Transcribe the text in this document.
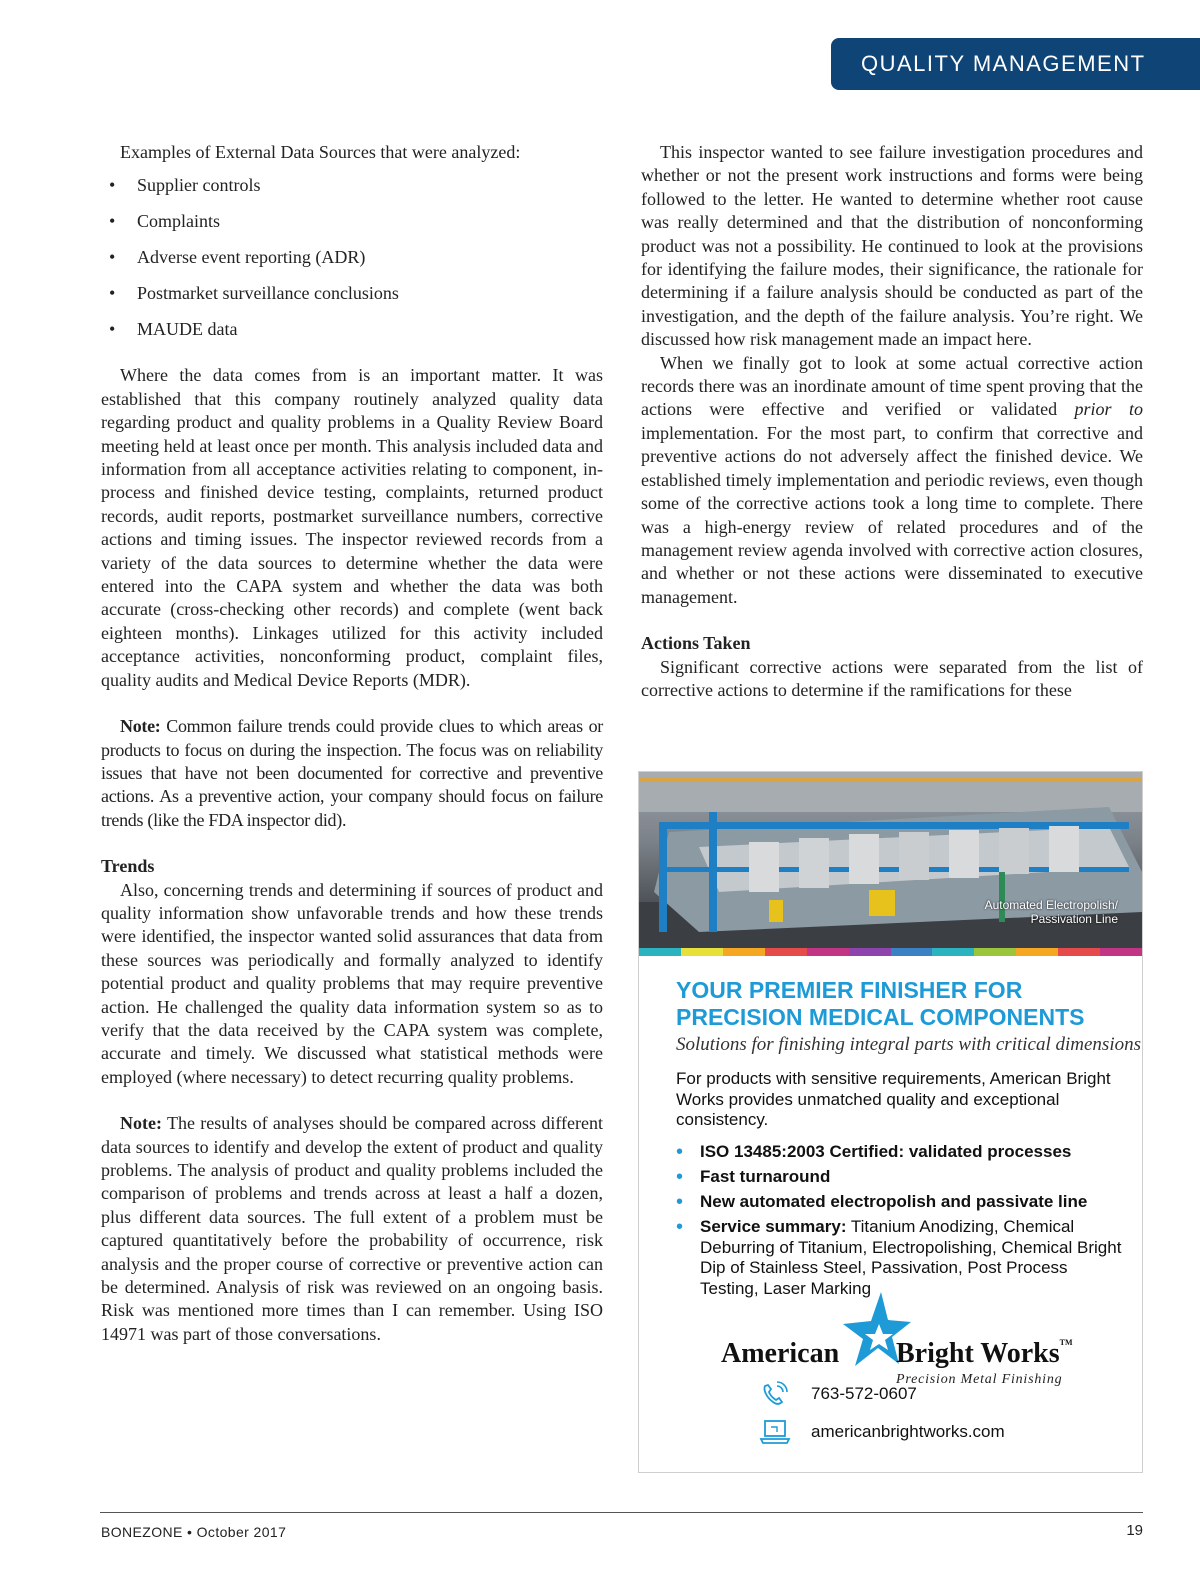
QUALITY MANAGEMENT

Examples of External Data Sources that were analyzed:

• Supplier controls
• Complaints
• Adverse event reporting (ADR)
• Postmarket surveillance conclusions
• MAUDE data

Where the data comes from is an important matter. It was established that this company routinely analyzed quality data regarding product and quality problems in a Quality Review Board meeting held at least once per month. This analysis included data and information from all acceptance activities relating to component, in-process and finished device testing, complaints, returned product records, audit reports, postmarket surveillance numbers, corrective actions and timing issues. The inspector reviewed records from a variety of the data sources to determine whether the data were entered into the CAPA system and whether the data was both accurate (cross-checking other records) and complete (went back eighteen months). Linkages utilized for this activity included acceptance activities, nonconforming product, complaint files, quality audits and Medical Device Reports (MDR).

Note: Common failure trends could provide clues to which areas or products to focus on during the inspection. The focus was on reliability issues that have not been documented for corrective and preventive actions. As a preventive action, your company should focus on failure trends (like the FDA inspector did).

Trends

Also, concerning trends and determining if sources of product and quality information show unfavorable trends and how these trends were identified, the inspector wanted solid assurances that data from these sources was periodically and formally analyzed to identify potential product and quality problems that may require preventive action. He challenged the quality data information system so as to verify that the data received by the CAPA system was complete, accurate and timely. We discussed what statistical methods were employed (where necessary) to detect recurring quality problems.

Note: The results of analyses should be compared across different data sources to identify and develop the extent of product and quality problems. The analysis of product and quality problems included the comparison of problems and trends across at least a half a dozen, plus different data sources. The full extent of a problem must be captured quantitatively before the probability of occurrence, risk analysis and the proper course of corrective or preventive action can be determined. Analysis of risk was reviewed on an ongoing basis. Risk was mentioned more times than I can remember. Using ISO 14971 was part of those conversations.

This inspector wanted to see failure investigation procedures and whether or not the present work instructions and forms were being followed to the letter. He wanted to determine whether root cause was really determined and that the distribution of nonconforming product was not a possibility. He continued to look at the provisions for identifying the failure modes, their significance, the rationale for determining if a failure analysis should be conducted as part of the investigation, and the depth of the failure analysis. You’re right. We discussed how risk management made an impact here.

When we finally got to look at some actual corrective action records there was an inordinate amount of time spent proving that the actions were effective and verified or validated prior to implementation. For the most part, to confirm that corrective and preventive actions do not adversely affect the finished device. We established timely implementation and periodic reviews, even though some of the corrective actions took a long time to complete. There was a high-energy review of related procedures and of the management review agenda involved with corrective action closures, and whether or not these actions were disseminated to executive management.

Actions Taken

Significant corrective actions were separated from the list of corrective actions to determine if the ramifications for these

Automated Electropolish/
Passivation Line
YOUR PREMIER FINISHER FOR
PRECISION MEDICAL COMPONENTS
Solutions for finishing integral parts with critical dimensions
For products with sensitive requirements, American Bright Works provides unmatched quality and exceptional consistency.
• ISO 13485:2003 Certified: validated processes
• Fast turnaround
• New automated electropolish and passivate line
• Service summary: Titanium Anodizing, Chemical Deburring of Titanium, Electropolishing, Chemical Bright Dip of Stainless Steel, Passivation, Post Process Testing, Laser Marking
American Bright Works™
Precision Metal Finishing
763-572-0607
americanbrightworks.com
BONEZONE • October 2017	19
